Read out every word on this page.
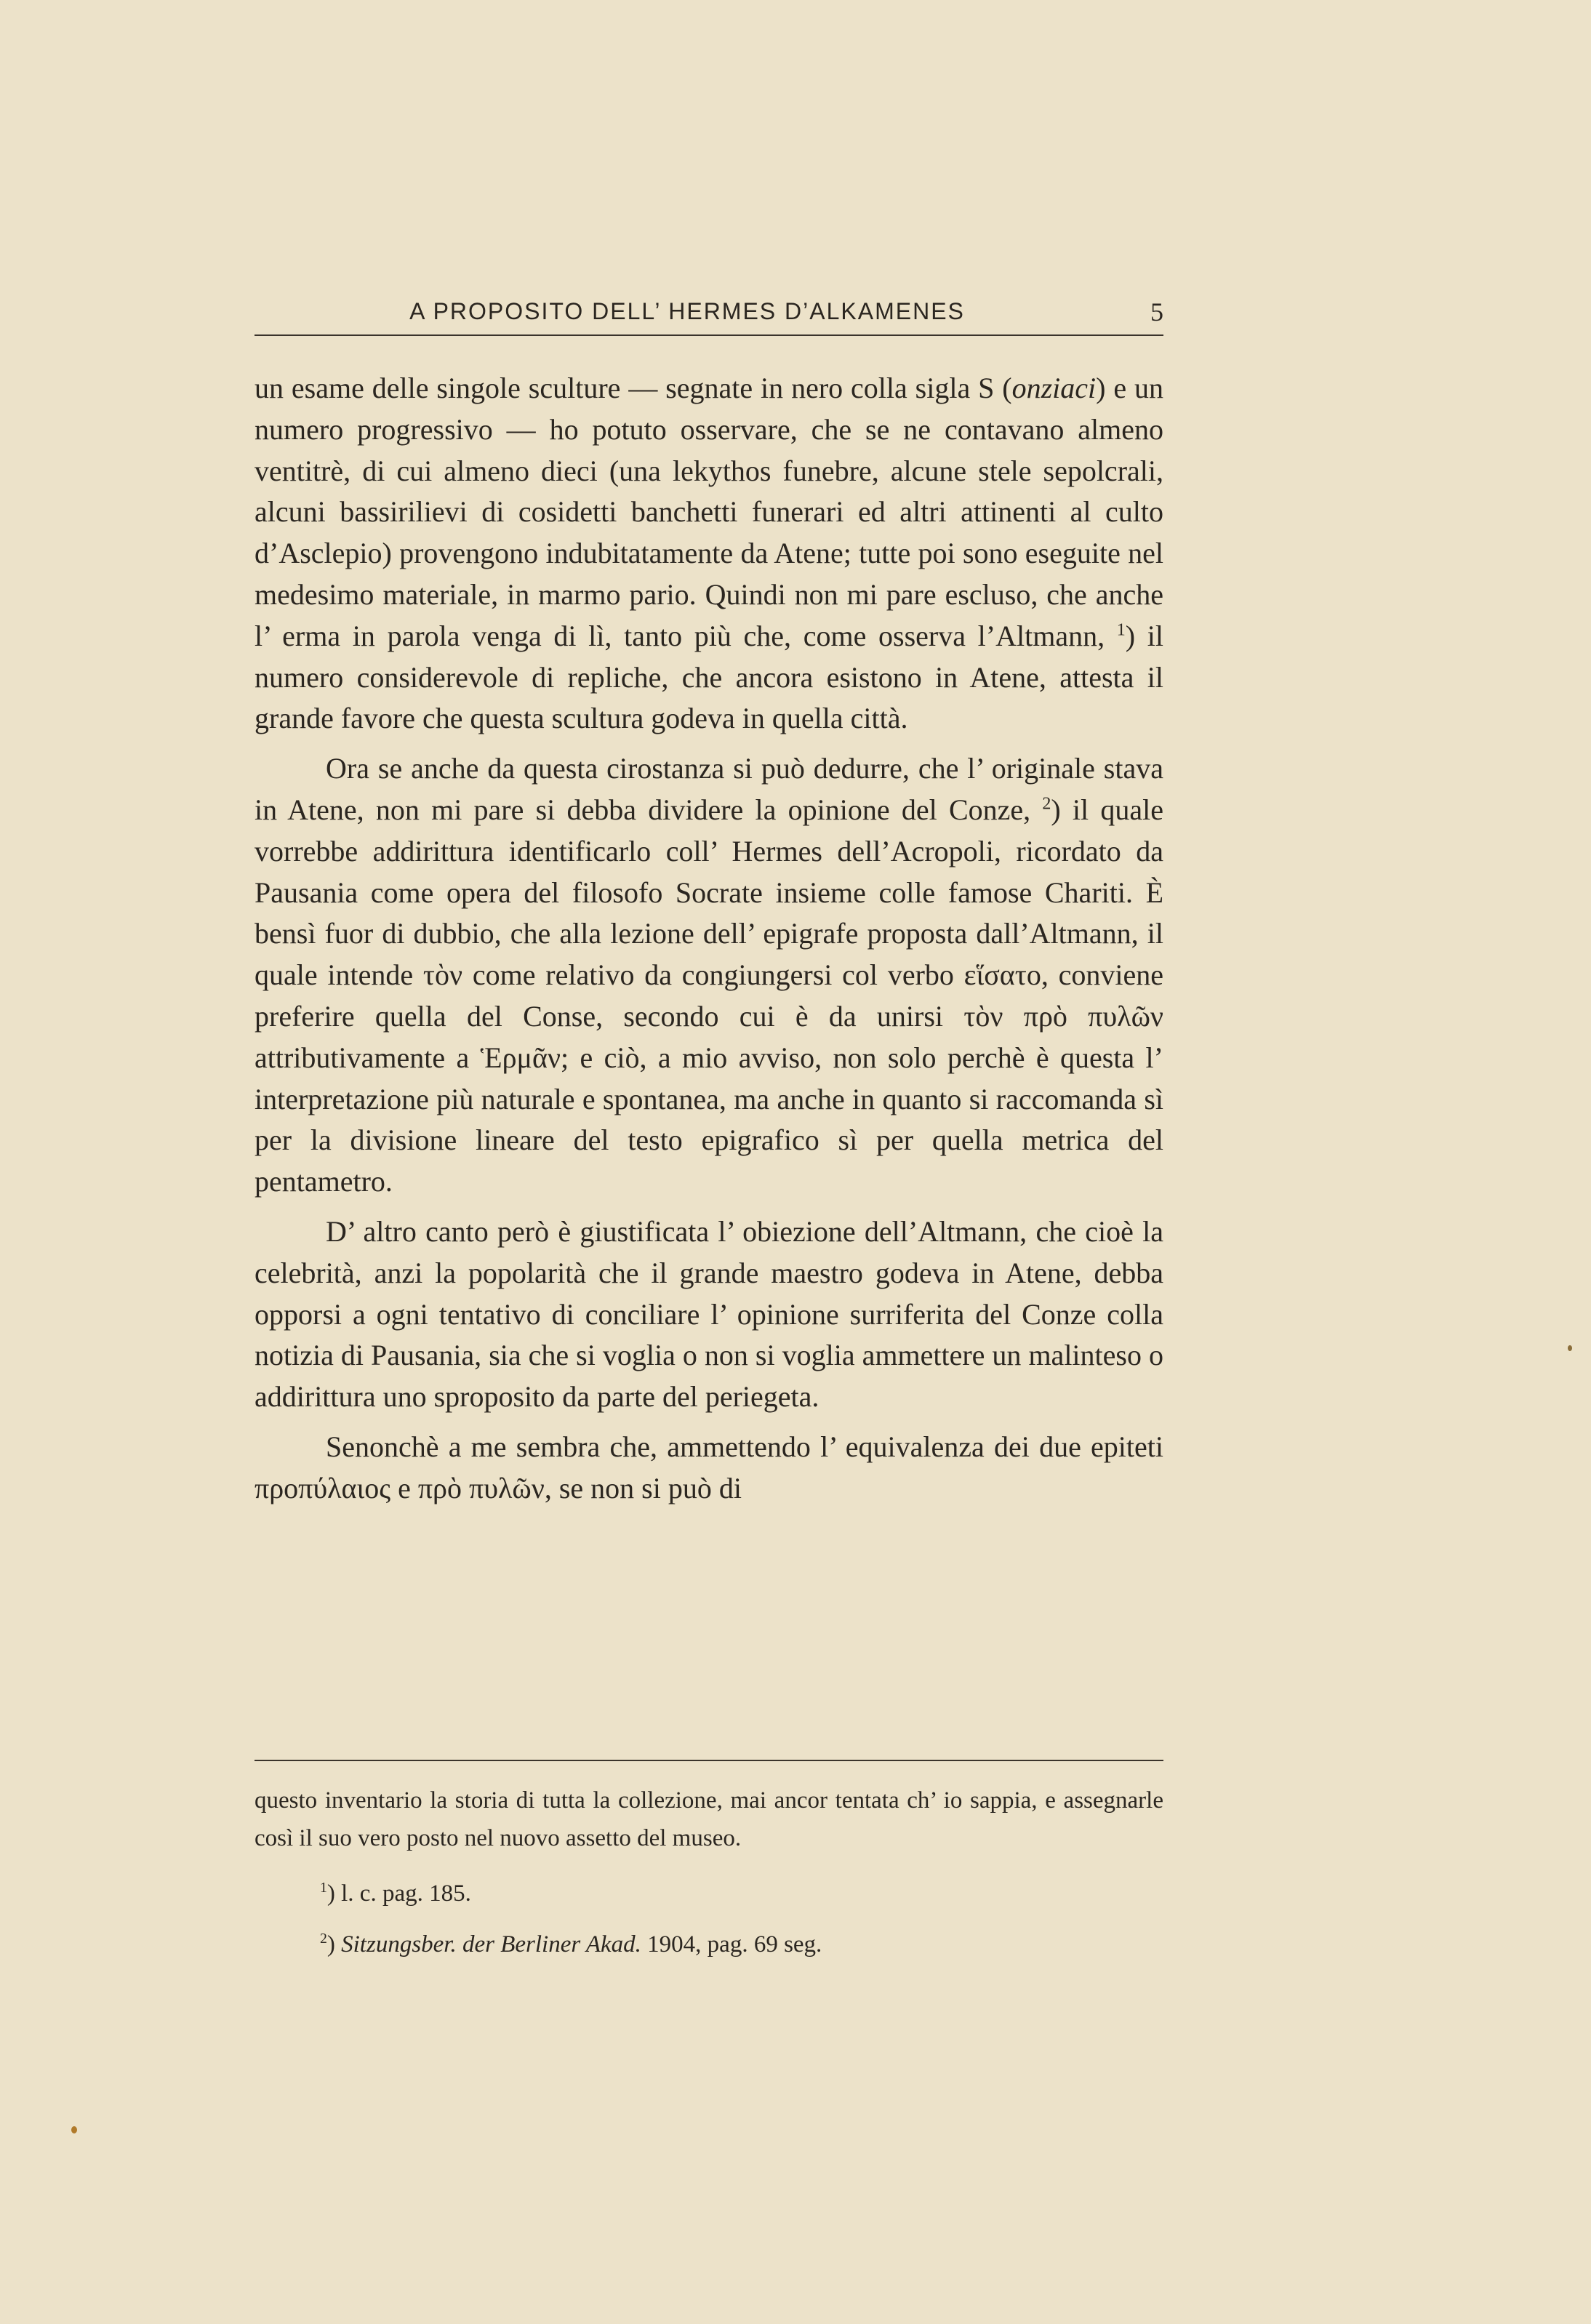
A PROPOSITO DELL’ HERMES D’ALKAMENES	5

un esame delle singole sculture — segnate in nero colla sigla S (onziaci) e un numero progressivo — ho potuto osservare, che se ne contavano almeno ventitrè, di cui almeno dieci (una lekythos funebre, alcune stele sepolcrali, alcuni bassirilievi di cosidetti banchetti funerari ed altri attinenti al culto d’Asclepio) provengono indubitatamente da Atene; tutte poi sono eseguite nel medesimo materiale, in marmo pario. Quindi non mi pare escluso, che anche l’ erma in parola venga di lì, tanto più che, come osserva l’Altmann, $^1$) il numero considerevole di repliche, che ancora esistono in Atene, attesta il grande favore che questa scultura godeva in quella città.

Ora se anche da questa cirostanza si può dedurre, che l’ originale stava in Atene, non mi pare si debba dividere la opinione del Conze, $^2$) il quale vorrebbe addirittura identificarlo coll’ Hermes dell’Acropoli, ricordato da Pausania come opera del filosofo Socrate insieme colle famose Chariti. È bensì fuor di dubbio, che alla lezione dell’ epigrafe proposta dall’Altmann, il quale intende τὸν come relativo da congiungersi col verbo εἵσατο, conviene preferire quella del Conse, secondo cui è da unirsi τὸν πρὸ πυλῶν attributivamente a Ἑρμᾶν; e ciò, a mio avviso, non solo perchè è questa l’ interpretazione più naturale e spontanea, ma anche in quanto si raccomanda sì per la divisione lineare del testo epigrafico sì per quella metrica del pentametro.

D’ altro canto però è giustificata l’ obiezione dell’Altmann, che cioè la celebrità, anzi la popolarità che il grande maestro godeva in Atene, debba opporsi a ogni tentativo di conciliare l’ opinione surriferita del Conze colla notizia di Pausania, sia che si voglia o non si voglia ammettere un malinteso o addirittura uno sproposito da parte del periegeta.

Senonchè a me sembra che, ammettendo l’ equivalenza dei due epiteti προπύλαιος e πρὸ πυλῶν, se non si può di

questo inventario la storia di tutta la collezione, mai ancor tentata ch’ io sappia, e assegnarle così il suo vero posto nel nuovo assetto del museo.

$^1$) l. c. pag. 185.

$^2$) Sitzungsber. der Berliner Akad. 1904, pag. 69 seg.
